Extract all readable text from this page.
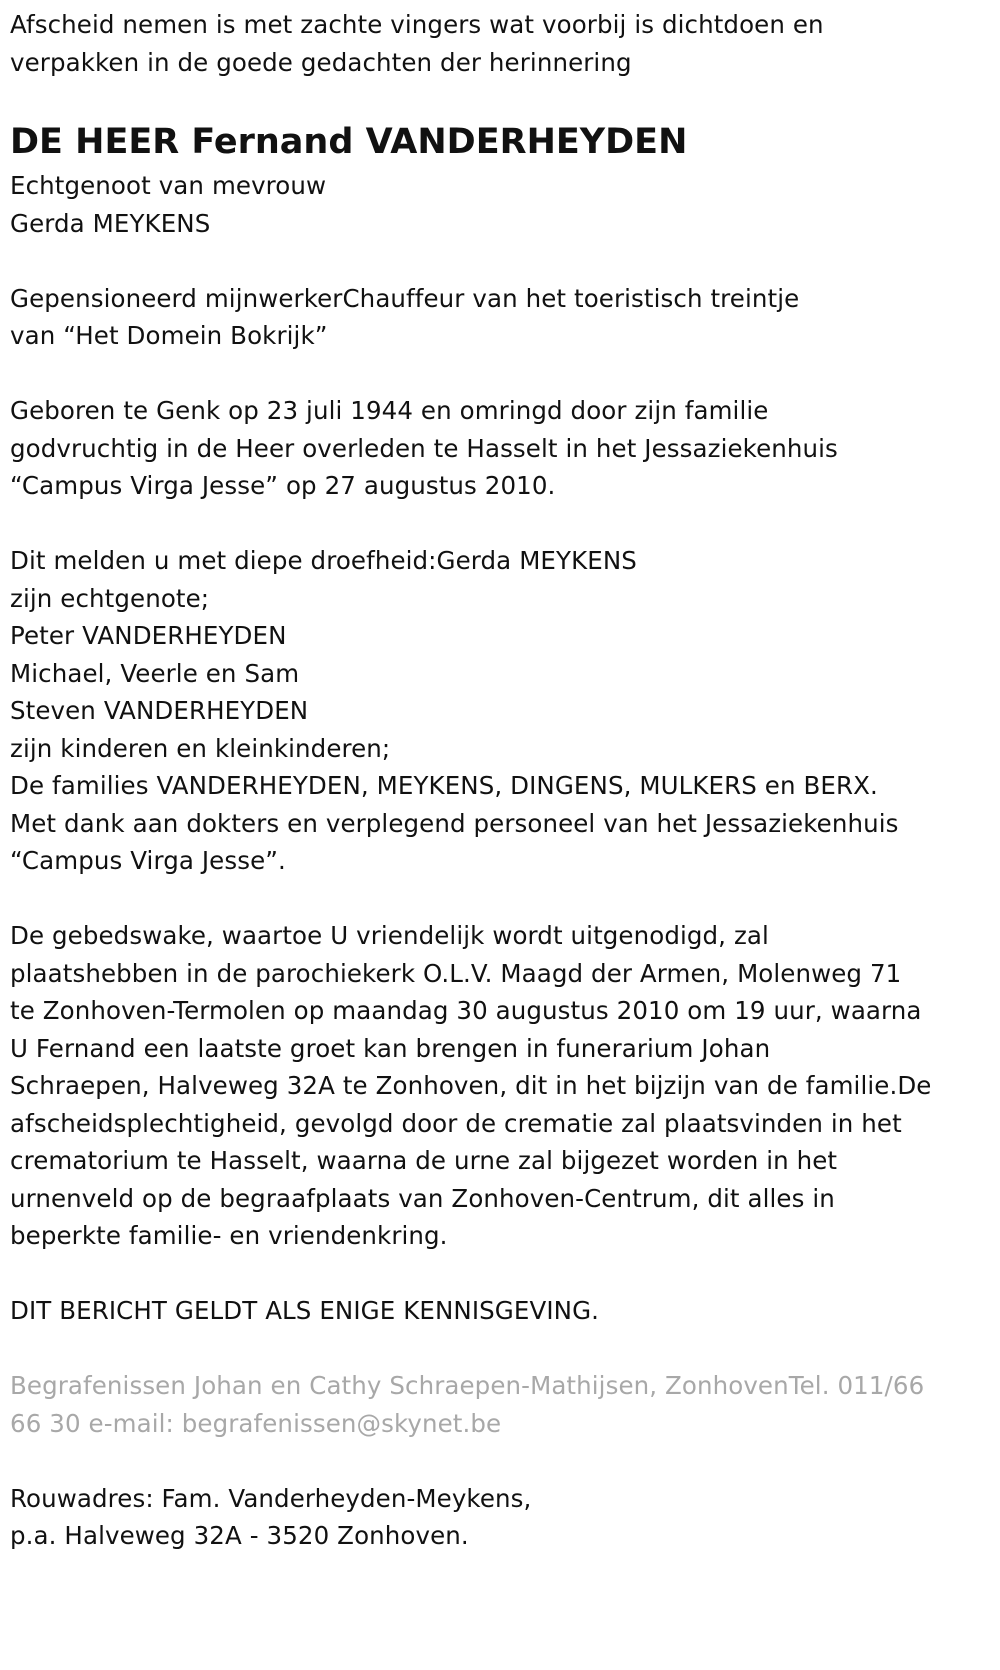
Afscheid nemen is met zachte vingers wat voorbij is dichtdoen en
verpakken in de goede gedachten der herinnering
DE HEER Fernand VANDERHEYDEN
Echtgenoot van mevrouw
Gerda MEYKENS
Gepensioneerd mijnwerkerChauffeur van het toeristisch treintje
van “Het Domein Bokrijk”
Geboren te Genk op 23 juli 1944 en omringd door zijn familie
godvruchtig in de Heer overleden te Hasselt in het Jessaziekenhuis
“Campus Virga Jesse” op 27 augustus 2010.
Dit melden u met diepe droefheid:Gerda MEYKENS
zijn echtgenote;
Peter VANDERHEYDEN
Michael, Veerle en Sam
Steven VANDERHEYDEN
zijn kinderen en kleinkinderen;
De families VANDERHEYDEN, MEYKENS, DINGENS, MULKERS en BERX.
Met dank aan dokters en verplegend personeel van het Jessaziekenhuis
“Campus Virga Jesse”.
De gebedswake, waartoe U vriendelijk wordt uitgenodigd, zal
plaatshebben in de parochiekerk O.L.V. Maagd der Armen, Molenweg 71
te Zonhoven-Termolen op maandag 30 augustus 2010 om 19 uur, waarna
U Fernand een laatste groet kan brengen in funerarium Johan
Schraepen, Halveweg 32A te Zonhoven, dit in het bijzijn van de familie.De
afscheidsplechtigheid, gevolgd door de crematie zal plaatsvinden in het
crematorium te Hasselt, waarna de urne zal bijgezet worden in het
urnenveld op de begraafplaats van Zonhoven-Centrum, dit alles in
beperkte familie- en vriendenkring.
DIT BERICHT GELDT ALS ENIGE KENNISGEVING.
Begrafenissen Johan en Cathy Schraepen-Mathijsen, ZonhovenTel. 011/66
66 30 e-mail: begrafenissen@skynet.be
Rouwadres: Fam. Vanderheyden-Meykens,
p.a. Halveweg 32A - 3520 Zonhoven.
